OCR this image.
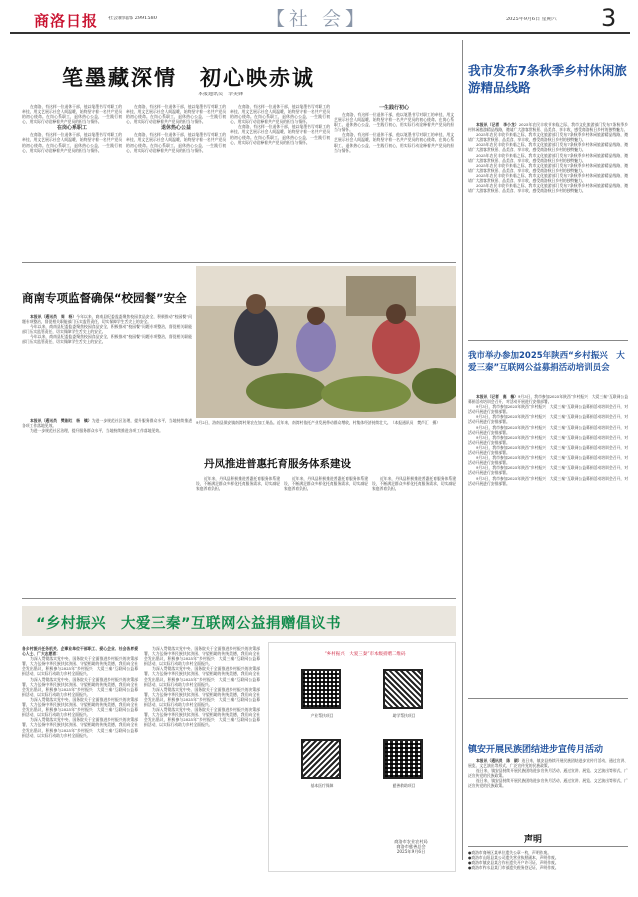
商洛日报 社会新闻部 2991580	【社 会】	2025年9月6日 星期六	3
笔墨藏深情　初心映赤诚
本报通讯员　李美锋

在商洛，有这样一位退休干部，他以笔墨书写对职工的牵挂，用文艺展示社会人间温暖，始终坚守着一名共产党员的初心使命。在岗心系职工，退休热心公益，一生践行初心，用实际行动诠释着共产党员的担当与情怀。

在岗心系职工

在商洛，有这样一位退休干部，他以笔墨书写对职工的牵挂，用文艺展示社会人间温暖，始终坚守着一名共产党员的初心使命。在岗心系职工，退休热心公益，一生践行初心，用实际行动诠释着共产党员的担当与情怀。

在商洛，有这样一位退休干部，他以笔墨书写对职工的牵挂，用文艺展示社会人间温暖，始终坚守着一名共产党员的初心使命。在岗心系职工，退休热心公益，一生践行初心，用实际行动诠释着共产党员的担当与情怀。

退休热心公益

在商洛，有这样一位退休干部，他以笔墨书写对职工的牵挂，用文艺展示社会人间温暖，始终坚守着一名共产党员的初心使命。在岗心系职工，退休热心公益，一生践行初心，用实际行动诠释着共产党员的担当与情怀。

在商洛，有这样一位退休干部，他以笔墨书写对职工的牵挂，用文艺展示社会人间温暖，始终坚守着一名共产党员的初心使命。在岗心系职工，退休热心公益，一生践行初心，用实际行动诠释着共产党员的担当与情怀。

在商洛，有这样一位退休干部，他以笔墨书写对职工的牵挂，用文艺展示社会人间温暖，始终坚守着一名共产党员的初心使命。在岗心系职工，退休热心公益，一生践行初心，用实际行动诠释着共产党员的担当与情怀。

一生践行初心

在商洛，有这样一位退休干部，他以笔墨书写对职工的牵挂，用文艺展示社会人间温暖，始终坚守着一名共产党员的初心使命。在岗心系职工，退休热心公益，一生践行初心，用实际行动诠释着共产党员的担当与情怀。

在商洛，有这样一位退休干部，他以笔墨书写对职工的牵挂，用文艺展示社会人间温暖，始终坚守着一名共产党员的初心使命。在岗心系职工，退休热心公益，一生践行初心，用实际行动诠释着共产党员的担当与情怀。

商南专项监督确保“校园餐”安全

本报讯（通讯员　周　杨）今年以来，商南县纪委监委聚焦校园食品安全，积极推动“校园餐”问题专项整治，督促相关职能部门压实监管责任，切实保障学生舌尖上的安全。

今年以来，商南县纪委监委聚焦校园食品安全，积极推动“校园餐”问题专项整治，督促相关职能部门压实监管责任，切实保障学生舌尖上的安全。

今年以来，商南县纪委监委聚焦校园食品安全，积极推动“校园餐”问题专项整治，督促相关职能部门压实监管责任，切实保障学生舌尖上的安全。

本报讯（通讯员　樊刚红　杨　镇）为进一步规范社区治理，提升服务群众水平，当地持续推进各项工作落地见效。

为进一步规范社区治理，提升服务群众水平，当地持续推进各项工作落地见效。

9月2日，洛南县保安镇南湾村果农在加工果品。近年来，南湾村依托产业发展带动群众增收，村集体经济持续壮大。（本报通讯员　樊芦汇　摄）
丹凤推进普惠托育服务体系建设

近年来，丹凤县积极推进普惠托育服务体系建设，不断满足群众多样化托育服务需求，切实减轻家庭养育负担。

近年来，丹凤县积极推进普惠托育服务体系建设，不断满足群众多样化托育服务需求，切实减轻家庭养育负担。

近年来，丹凤县积极推进普惠托育服务体系建设，不断满足群众多样化托育服务需求，切实减轻家庭养育负担。

我市发布7条秋季乡村休闲旅游精品线路

本报讯（记者　李小龙）2025年农民丰收节来临之际，我市文化旅游部门发布7条秋季乡村休闲旅游精品线路，邀请广大游客赏秋景、品美食、享丰收，感受商洛秋日乡村的独特魅力。

2025年农民丰收节来临之际，我市文化旅游部门发布7条秋季乡村休闲旅游精品线路，邀请广大游客赏秋景、品美食、享丰收，感受商洛秋日乡村的独特魅力。

2025年农民丰收节来临之际，我市文化旅游部门发布7条秋季乡村休闲旅游精品线路，邀请广大游客赏秋景、品美食、享丰收，感受商洛秋日乡村的独特魅力。

2025年农民丰收节来临之际，我市文化旅游部门发布7条秋季乡村休闲旅游精品线路，邀请广大游客赏秋景、品美食、享丰收，感受商洛秋日乡村的独特魅力。

2025年农民丰收节来临之际，我市文化旅游部门发布7条秋季乡村休闲旅游精品线路，邀请广大游客赏秋景、品美食、享丰收，感受商洛秋日乡村的独特魅力。

2025年农民丰收节来临之际，我市文化旅游部门发布7条秋季乡村休闲旅游精品线路，邀请广大游客赏秋景、品美食、享丰收，感受商洛秋日乡村的独特魅力。

2025年农民丰收节来临之际，我市文化旅游部门发布7条秋季乡村休闲旅游精品线路，邀请广大游客赏秋景、品美食、享丰收，感受商洛秋日乡村的独特魅力。

我市举办参加2025年陕西“乡村振兴　大爱三秦”互联网公益募捐活动培训员会

本报讯（记者　高　楠）9月3日，我市参加2025年陕西“乡村振兴　大爱三秦”互联网公益募捐活动培训会召开，对活动开展进行安排部署。

9月3日，我市参加2025年陕西“乡村振兴　大爱三秦”互联网公益募捐活动培训会召开，对活动开展进行安排部署。

9月3日，我市参加2025年陕西“乡村振兴　大爱三秦”互联网公益募捐活动培训会召开，对活动开展进行安排部署。

9月3日，我市参加2025年陕西“乡村振兴　大爱三秦”互联网公益募捐活动培训会召开，对活动开展进行安排部署。

9月3日，我市参加2025年陕西“乡村振兴　大爱三秦”互联网公益募捐活动培训会召开，对活动开展进行安排部署。

9月3日，我市参加2025年陕西“乡村振兴　大爱三秦”互联网公益募捐活动培训会召开，对活动开展进行安排部署。

9月3日，我市参加2025年陕西“乡村振兴　大爱三秦”互联网公益募捐活动培训会召开，对活动开展进行安排部署。

9月3日，我市参加2025年陕西“乡村振兴　大爱三秦”互联网公益募捐活动培训会召开，对活动开展进行安排部署。

9月3日，我市参加2025年陕西“乡村振兴　大爱三秦”互联网公益募捐活动培训会召开，对活动开展进行安排部署。

镇安开展民族团结进步宣传月活动

本报讯（通讯员　陈　颖）连日来，镇安县持续开展民族团结进步宣传月活动，通过宣讲、展览、文艺演出等形式，广泛宣传党的民族政策。

连日来，镇安县持续开展民族团结进步宣传月活动，通过宣讲、展览、文艺演出等形式，广泛宣传党的民族政策。

连日来，镇安县持续开展民族团结进步宣传月活动，通过宣讲、展览、文艺演出等形式，广泛宣传党的民族政策。

声明
●商洛市商州区某单位遗失公章一枚，声明作废。
●商洛市山阳县某公司遗失营业执照副本，声明作废。
●商洛市镇安县某合作社遗失开户许可证，声明作废。
●商洛市柞水县某门市部遗失税务登记证，声明作废。
“乡村振兴　大爱三秦”互联网公益捐赠倡议书
各乡村振兴任务机关、企事业单位干部职工、爱心企业、社会各界爱心人士、广大志愿者：

为深入贯彻落实党中央、国务院关于全面推进乡村振兴的决策部署，大力弘扬中华民族扶贫济困、守望相助的传统美德，我们向全社会发出倡议，积极参与2025年“乡村振兴　大爱三秦”互联网公益募捐活动，以实际行动助力乡村全面振兴。

为深入贯彻落实党中央、国务院关于全面推进乡村振兴的决策部署，大力弘扬中华民族扶贫济困、守望相助的传统美德，我们向全社会发出倡议，积极参与2025年“乡村振兴　大爱三秦”互联网公益募捐活动，以实际行动助力乡村全面振兴。

为深入贯彻落实党中央、国务院关于全面推进乡村振兴的决策部署，大力弘扬中华民族扶贫济困、守望相助的传统美德，我们向全社会发出倡议，积极参与2025年“乡村振兴　大爱三秦”互联网公益募捐活动，以实际行动助力乡村全面振兴。

为深入贯彻落实党中央、国务院关于全面推进乡村振兴的决策部署，大力弘扬中华民族扶贫济困、守望相助的传统美德，我们向全社会发出倡议，积极参与2025年“乡村振兴　大爱三秦”互联网公益募捐活动，以实际行动助力乡村全面振兴。

为深入贯彻落实党中央、国务院关于全面推进乡村振兴的决策部署，大力弘扬中华民族扶贫济困、守望相助的传统美德，我们向全社会发出倡议，积极参与2025年“乡村振兴　大爱三秦”互联网公益募捐活动，以实际行动助力乡村全面振兴。

为深入贯彻落实党中央、国务院关于全面推进乡村振兴的决策部署，大力弘扬中华民族扶贫济困、守望相助的传统美德，我们向全社会发出倡议，积极参与2025年“乡村振兴　大爱三秦”互联网公益募捐活动，以实际行动助力乡村全面振兴。

为深入贯彻落实党中央、国务院关于全面推进乡村振兴的决策部署，大力弘扬中华民族扶贫济困、守望相助的传统美德，我们向全社会发出倡议，积极参与2025年“乡村振兴　大爱三秦”互联网公益募捐活动，以实际行动助力乡村全面振兴。

为深入贯彻落实党中央、国务院关于全面推进乡村振兴的决策部署，大力弘扬中华民族扶贫济困、守望相助的传统美德，我们向全社会发出倡议，积极参与2025年“乡村振兴　大爱三秦”互联网公益募捐活动，以实际行动助力乡村全面振兴。

“乡村振兴　大爱三秦”市本级捐赠二维码
产业帮扶项目	助学帮扶项目
基本医疗保障	慈善救助项目
商洛市农业农村局
商洛市慈善总会
2025年9月6日
